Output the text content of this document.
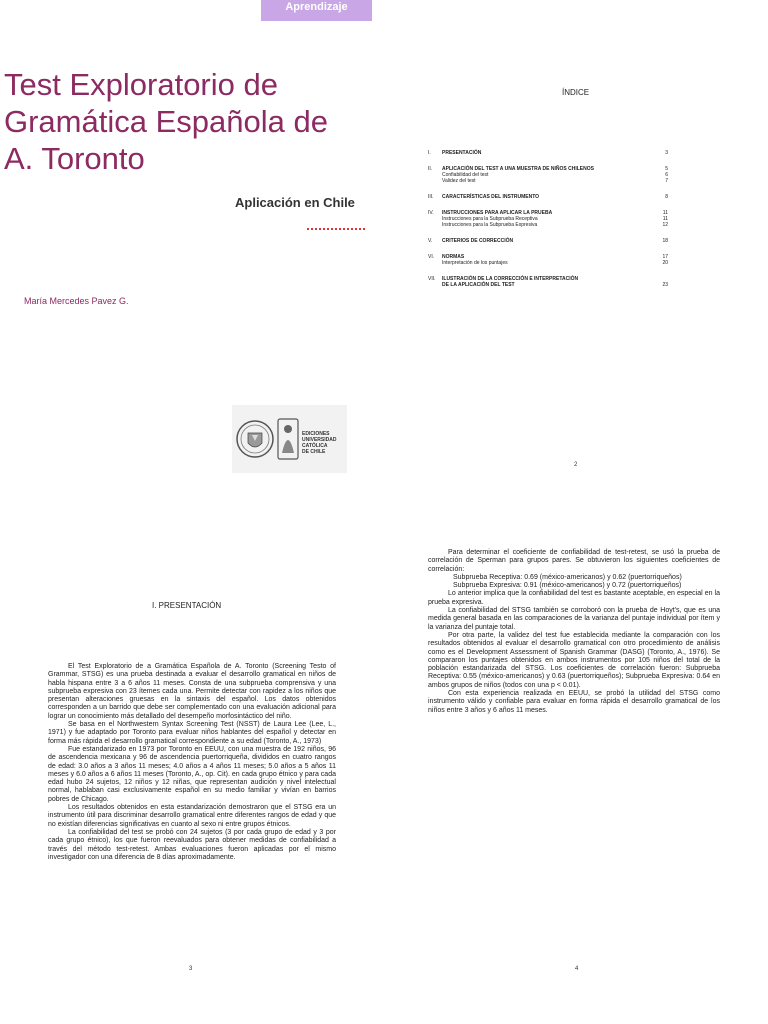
Aprendizaje
Test Exploratorio de Gramática Española de A. Toronto
Aplicación en Chile
María Mercedes Pavez G.
EDICIONES
UNIVERSIDAD
CATÓLICA
DE CHILE
ÍNDICE
I.	PRESENTACIÓN	3
II.	APLICACIÓN DEL TEST A UNA MUESTRA DE NIÑOS CHILENOS	5
Confiabilidad del test	6
Validez del test	7
III.	CARACTERÍSTICAS DEL INSTRUMENTO	8
IV.	INSTRUCCIONES PARA APLICAR LA PRUEBA	11
Instrucciones para la Subprueba Receptiva	11
Instrucciones para la Subprueba Expresiva	12
V.	CRITERIOS DE CORRECCIÓN	18
VI.	NORMAS	17
Interpretación de los puntajes	20
VII.	ILUSTRACIÓN DE LA CORRECCIÓN E INTERPRETACIÓN
DE LA APLICACIÓN DEL TEST	23
2
I. PRESENTACIÓN

El Test Exploratorio de a Gramática Española de A. Toronto (Screening Testo of Grammar, STSG) es una prueba destinada a evaluar el desarrollo gramatical en niños de habla hispana entre 3 a 6 años 11 meses. Consta de una subprueba comprensiva y una subprueba expresiva con 23 ítemes cada una. Permite detectar con rapidez a los niños que presentan alteraciones gruesas en la sintaxis del español. Los datos obtenidos corresponden a un barrido que debe ser complementado con una evaluación adicional para lograr un conocimiento más detallado del desempeño morfosintáctico del niño.

Se basa en el Northwestern Syntax Screening Test (NSST) de Laura Lee (Lee, L., 1971) y fue adaptado por Toronto para evaluar niños hablantes del español y detectar en forma más rápida el desarrollo gramatical correspondiente a su edad (Toronto, A., 1973)

Fue estandarizado en 1973 por Toronto en EEUU, con una muestra de 192 niños, 96 de ascendencia mexicana y 96 de ascendencia puertorriqueña, divididos en cuatro rangos de edad: 3.0 años a 3 años 11 meses; 4.0 años a 4 años 11 meses; 5.0 años a 5 años 11 meses y 6.0 años a 6 años 11 meses (Toronto, A., op. Cit). en cada grupo étnico y para cada edad hubo 24 sujetos, 12 niños y 12 niñas, que representan audición y nivel intelectual normal, hablaban casi exclusivamente español en su medio familiar y vivían en barrios pobres de Chicago.

Los resultados obtenidos en esta estandarización demostraron que el STSG era un instrumento útil para discriminar desarrollo gramatical entre diferentes rangos de edad y que no existían diferencias significativas en cuanto al sexo ni entre grupos étnicos.

La confiabilidad del test se probó con 24 sujetos (3 por cada grupo de edad y 3 por cada grupo étnico), los que fueron reevaluados para obtener medidas de confiabilidad a través del método test-retest. Ambas evaluaciones fueron aplicadas por el mismo investigador con una diferencia de 8 días aproximadamente.

3

Para determinar el coeficiente de confiabilidad de test-retest, se usó la prueba de correlación de Sperman para grupos pares. Se obtuvieron los siguientes coeficientes de correlación:

Subprueba Receptiva: 0.69 (méxico-americanos) y 0.62 (puertorriqueños)

Subprueba Expresiva: 0.91 (méxico-americanos) y 0.72 (puertorriqueños)

Lo anterior implica que la confiabilidad del test es bastante aceptable, en especial en la prueba expresiva.

La confiabilidad del STSG también se corroboró con la prueba de Hoyt's, que es una medida general basada en las comparaciones de la varianza del puntaje individual por ítem y la varianza del puntaje total.

Por otra parte, la validez del test fue establecida mediante la comparación con los resultados obtenidos al evaluar el desarrollo gramatical con otro procedimiento de análisis como es el Development Assessment of Spanish Grammar (DASG) (Toronto, A., 1976). Se compararon los puntajes obtenidos en ambos instrumentos por 105 niños del total de la población estandarizada del STSG. Los coeficientes de correlación fueron: Subprueba Receptiva: 0.55 (méxico-americanos) y 0.63 (puertorriqueños); Subprueba Expresiva: 0.64 en ambos grupos de niños (todos con una p < 0.01).

Con esta experiencia realizada en EEUU, se probó la utilidad del STSG como instrumento válido y confiable para evaluar en forma rápida el desarrollo gramatical de los niños entre 3 años y 6 años 11 meses.

4
